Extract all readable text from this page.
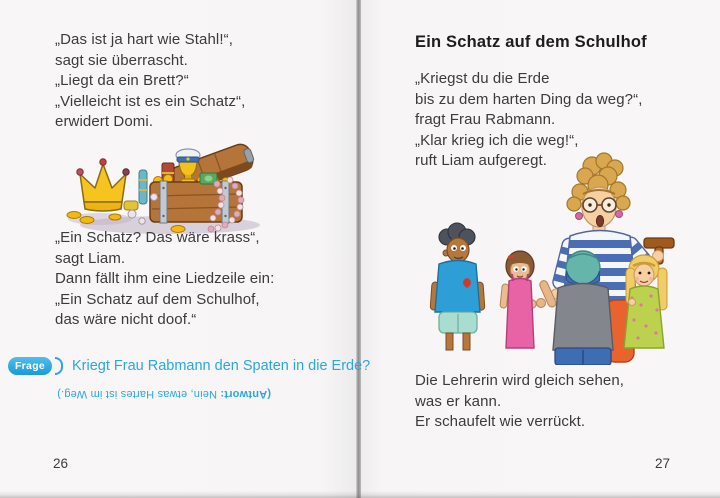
„Das ist ja hart wie Stahl!“,
sagt sie überrascht.
„Liegt da ein Brett?“
„Vielleicht ist es ein Schatz“,
erwidert Domi.
„Ein Schatz? Das wäre krass“,
sagt Liam.
Dann fällt ihm eine Liedzeile ein:
„Ein Schatz auf dem Schulhof,
das wäre nicht doof.“
Frage	Kriegt Frau Rabmann den Spaten in die Erde?
(Antwort: Nein, etwas Hartes ist im Weg.)
26
Ein Schatz auf dem Schulhof
„Kriegst du die Erde
bis zu dem harten Ding da weg?“,
fragt Frau Rabmann.
„Klar krieg ich die weg!“,
ruft Liam aufgeregt.
Die Lehrerin wird gleich sehen,
was er kann.
Er schaufelt wie verrückt.
27
